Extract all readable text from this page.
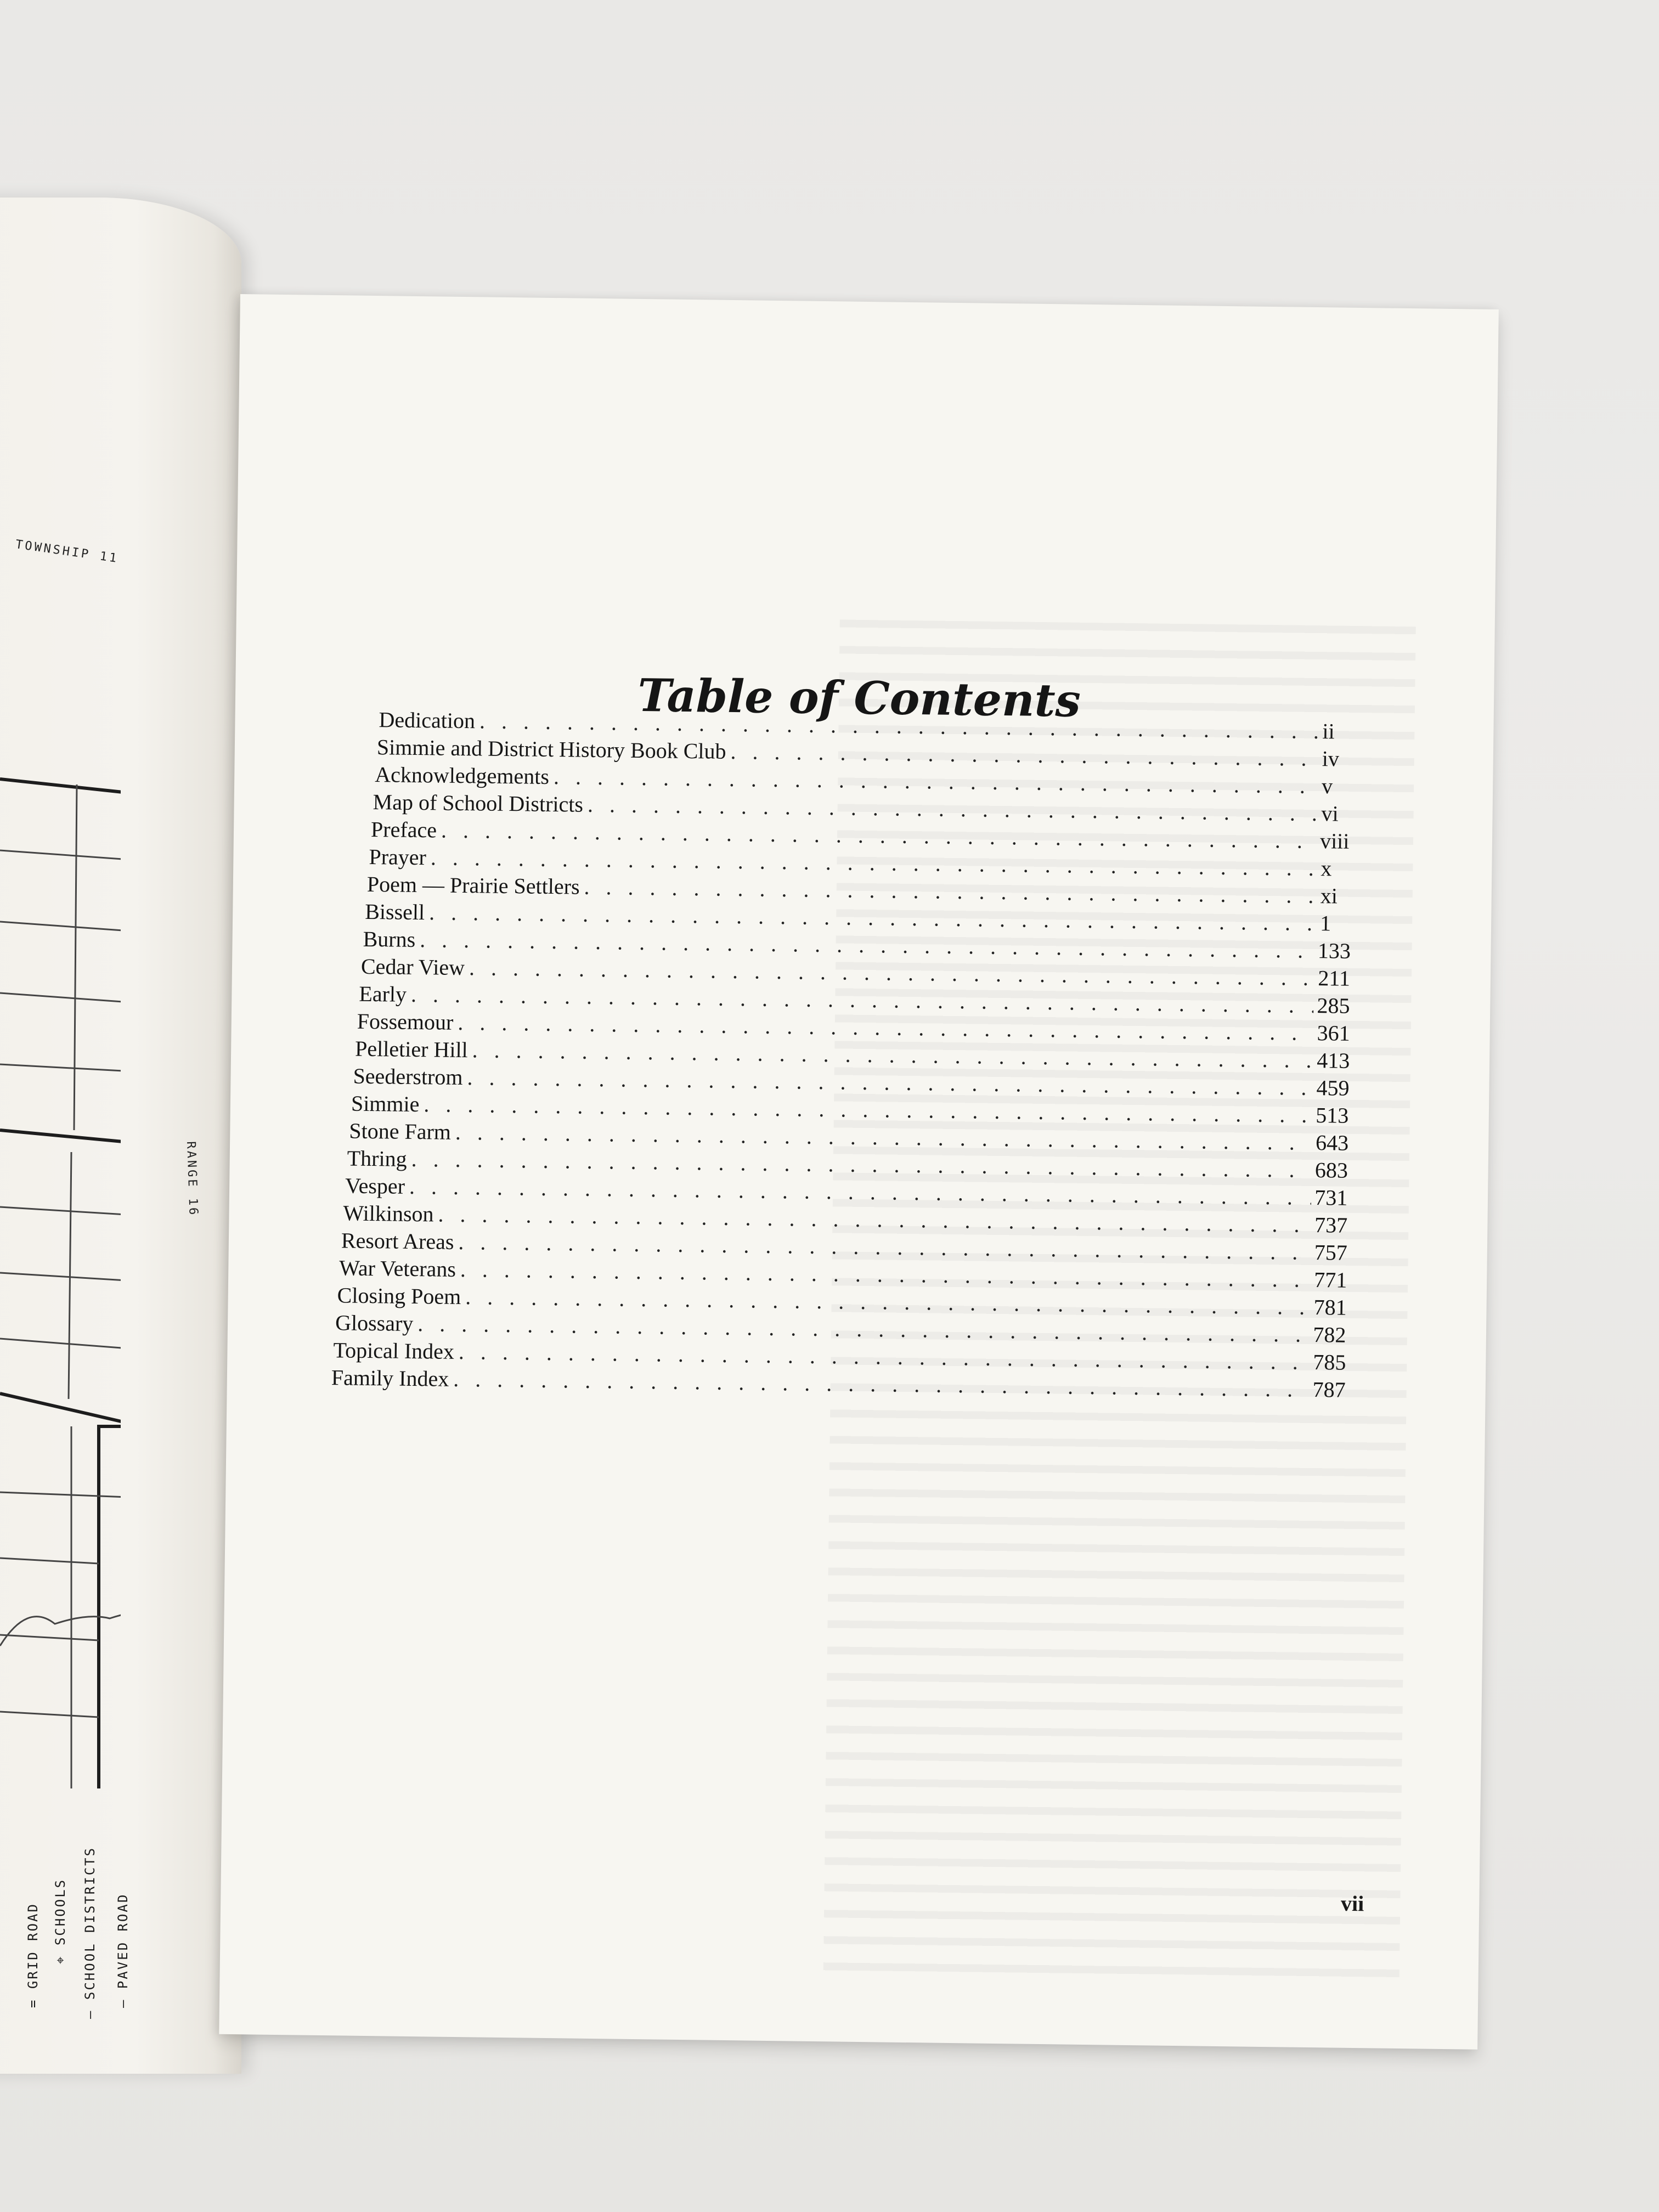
TOWNSHIP 11
RANGE 16
= GRID ROAD ⌖ SCHOOLS — SCHOOL DISTRICTS — PAVED ROAD
Table of Contents
Dedication . . .	ii
Simmie and District History Book Club . . .	iv
Acknowledgements . . .	v
Map of School Districts . . .	vi
Preface . . .	viii
Prayer . . .	x
Poem — Prairie Settlers . . .	xi
Bissell . . .	1
Burns . . .	133
Cedar View . . .	211
Early . . .	285
Fossemour . . .	361
Pelletier Hill . . .	413
Seederstrom . . .	459
Simmie . . .	513
Stone Farm . . .	643
Thring . . .	683
Vesper . . .	731
Wilkinson . . .	737
Resort Areas . . .	757
War Veterans . . .	771
Closing Poem . . .	781
Glossary . . .	782
Topical Index . . .	785
Family Index . . .	787
vii
